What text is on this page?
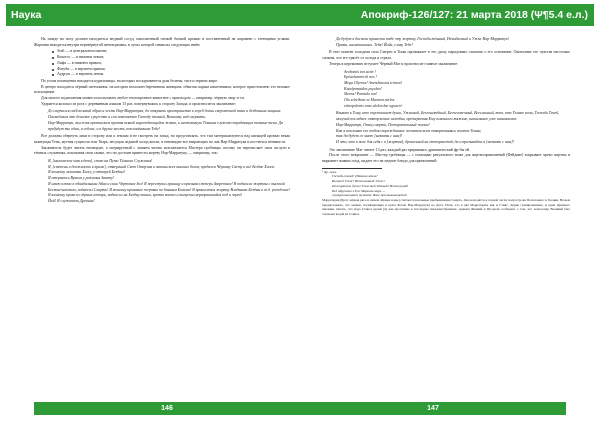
Наука

На западе на полу должен находиться медный сосуд, наполненный свежей бычьей кровью и поставленный на жаровню с тлеющими углями. Жаровня находится внутри перевёрнутой пентаграммы, в лучах которой символы следующих имён:

Зтаб — в центральном имени;
Кокотос — в нижнем левом;
Лифа — в нижнем правом;
Фазуби — в верхнем правом;
Аудруш — в верхнем левом.

По углам помещения находятся курильницы, на которых воскуриваются дым белены, тисе и черном жире.

В центре находится чёрный светильник, на котором возложен беременная женщина, обвитая сырым кишечником, которое приготовлено это великое воплощение.

Для малого подношения можно использовать любое теплокровное животное с приплодом — например, чёрную овцу и т.п.

Ударяется колокол из рога с деревянным языком 13 раз, повернувшись к сторону Запада, и произносится заклинание:

До сверчился свёй великий образ и честь Нар-Марратука, до открыть пространство в сереб долин сверхтечной тени и бездонных хищных.
Пламедшим это дешевое существо и сон потомство Господу темной, Великому над сверкать.
Нар-Марратук, ты есть противлися против всякой нарождающейся жизни, и неотменную Тёмным служат страдающих темные тени. Да пребудут ты одна, и сейчас, и в другие места, поклонёнными Тебе!

Все должны обернуть лики в сторону или к землям и не смотреть на запад, но представлять, что там материализуются над кипящей кровью некая мокнущая Тень, мутная сущность или Тварь, несущая ледяной холод вопли, и ненавидит все взирающих на лик Нар-Марратука и поститься ненависти.

Заклинатель будет читать немецкую, а оперируемый с ланжем читать возглавляется Мастера гробницы, потому он перечисляет свои заслуги в тёмных служениях, показывая свои самые, что он достоин принести жертву Нар-Марратуку, — например, так:

Я, [магическое имя в дева], стою на Пути Тёмного Служения!
Я, [степень и должность в храме], отвергший Свет Отерзим и законы всех высших богов, предался Чёрному Свету и всё Бездне Хаоса.
Я возношу молитвы Хаосу у оттарей Бездны!
Я отерзаюсь Врагов у различия Завету!
Я имею ключи к обиндальным Абаа и сини Чертовах Зол! Я переступил границу и призывал теперь Запретное! Я подносил жертвы с высокой Бесконечностью, подносил Смерть! Я возношу кровавые жертвы по данным Богами! Я приносятся жертву Владыкам Бездны и т.д. рождение!
Я возношу кровь из чёрные алтарь, подносил на Бездну кошки, кроты вонзил и выпускал неразрывшийся под и черев!
Йой! Я служитель Древних!
146
Апокриф-126/127: 21 марта 2018 (Ψ¶5.4 е.л.)
Да будут в доспехи принести тебе эту жертву, Господь тёмный, Незыблемый и Ужас Нар-Марратук!
Прими, насытившись. Тебя! Йойн, славу Тебе!

В этот момент холодная сила Смерти и Тьмы прониккает в это душу, нарадовано слышать о его основание. Окончание его чувства настолько сильны, что его трясёт от холода и страха.

Теперь в церемонию вступает Чёрный Маг и произносит главное заклинание:

Archontis ton stoin !
Epistolummi ek nos !
Mega Olyrnos! Anenchtastos trimou!
Katalyomaidos psychin!
Skoros! Pomtalo ton!
Olo scheibeta se Maonon nerlos
eitiropolonis onto alolon kai ogouen¹.
Взываю к Тому, кто опустошает души, Ужасный, Безгошлюбный, Бесчеловечный, Всесильный, тот, кто Темнее ночи, Господь Теней, могучий последнее отторжение нелюбви, претерпевая Ему огненного тяжкие, написанное уже называемое.
Нар-Марратук, Отец смерти, Пожирательный жизни!
Как я поклоняю его тобою порожденные человеков всем отворачиваясь постем Теням,
так да будет со мною [назвать с ним]!
И что, что в поле для себя с в [жертва], брошенной на отторгнетой, да и призывайте в [назвать с ним]!

Это заклинание Маг читает 13 раз, каждый раз прерываясь драматический фр-бы ей.

После этого некромант — Мастер гробницы — с помощью ритуального ножа для жертвоприношений (Фейдиве) вскрывает чрево жертвы и вырывает живым плод, кидает его на медное блюдо для приношений.

¹ Др.-греч.

Господь теней! (Имения земли!
Великий Ужас! Неописанный Ужас!
Пожиратель души! Ужасный Тёмный! Всемогущий!
Всё обрушено в Его Мерзком мире —
и разрушающаяся тупиком. Ввое пресмыкающийся!

Марратерия (Брат, чёрная рясе и ничем чёрные воды) считается реальные пребывающие Смерть. Она находятся в горной части полуострова Пелопоннес в Греции. Нельзя предположить, что заимно посвящающих в культ Богам Нар-Марратука на Дета. Итак, что в два Марратерия, как и Стикс, Дерик гравированных, и храм Древнего писания, писать, что вода Стикса кроме [в] как прочтение в последнее изысканствование. Адакем Фенинй и Прорали сообщают о том, что Александр Великий был отравлен водой из Стикса.

147
